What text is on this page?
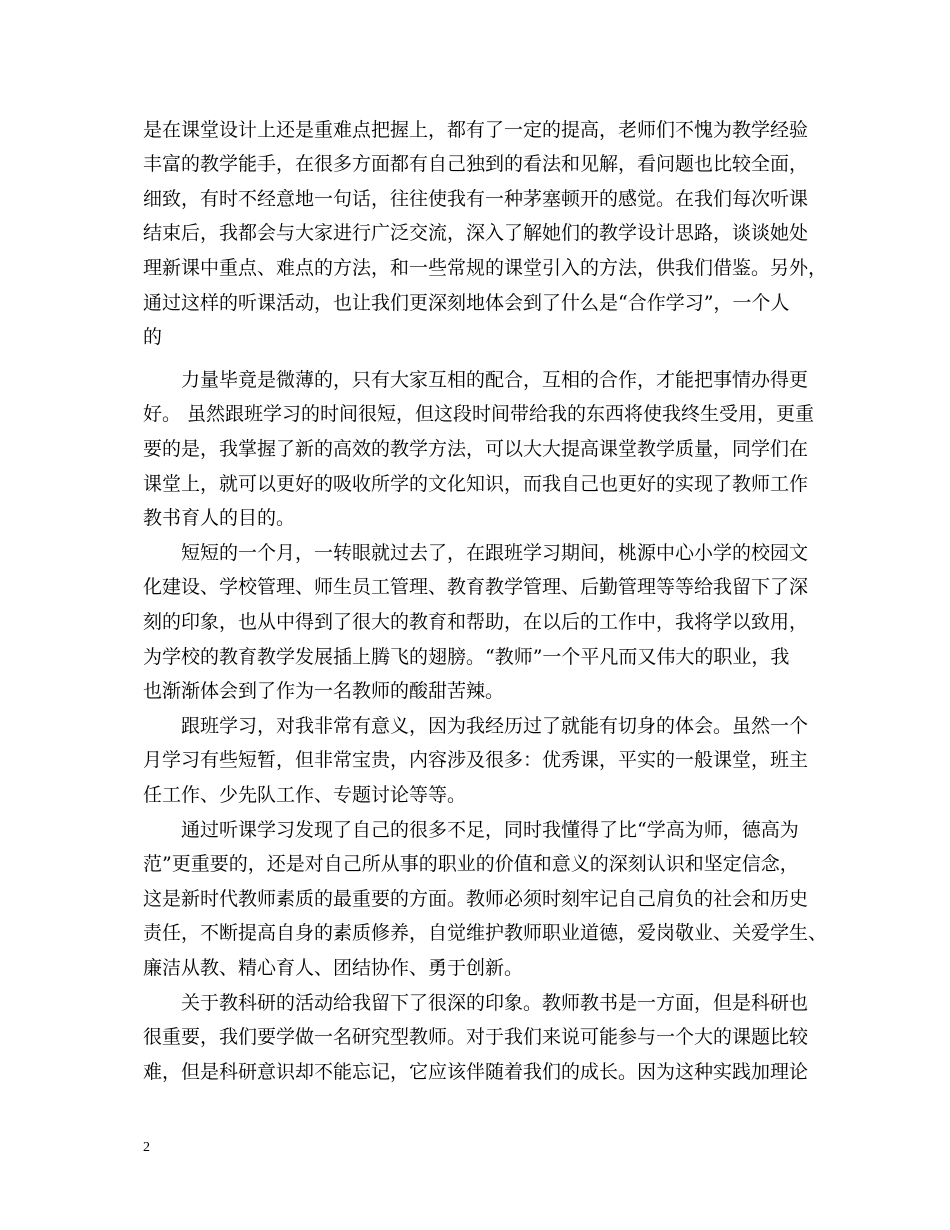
是在课堂设计上还是重难点把握上，都有了一定的提高，老师们不愧为教学经验
丰富的教学能手，在很多方面都有自己独到的看法和见解，看问题也比较全面，
细致，有时不经意地一句话，往往使我有一种茅塞顿开的感觉。在我们每次听课
结束后，我都会与大家进行广泛交流，深入了解她们的教学设计思路，谈谈她处
理新课中重点、难点的方法，和一些常规的课堂引入的方法，供我们借鉴。另外，
通过这样的听课活动，也让我们更深刻地体会到了什么是“合作学习”，一个人
的
力量毕竟是微薄的，只有大家互相的配合，互相的合作，才能把事情办得更
好。 虽然跟班学习的时间很短，但这段时间带给我的东西将使我终生受用，更重
要的是，我掌握了新的高效的教学方法，可以大大提高课堂教学质量，同学们在
课堂上，就可以更好的吸收所学的文化知识，而我自己也更好的实现了教师工作
教书育人的目的。
短短的一个月，一转眼就过去了，在跟班学习期间，桃源中心小学的校园文
化建设、学校管理、师生员工管理、教育教学管理、后勤管理等等给我留下了深
刻的印象，也从中得到了很大的教育和帮助，在以后的工作中，我将学以致用，
为学校的教育教学发展插上腾飞的翅膀。“教师”一个平凡而又伟大的职业，我
也渐渐体会到了作为一名教师的酸甜苦辣。
跟班学习，对我非常有意义，因为我经历过了就能有切身的体会。虽然一个
月学习有些短暂，但非常宝贵，内容涉及很多：优秀课，平实的一般课堂，班主
任工作、少先队工作、专题讨论等等。
通过听课学习发现了自己的很多不足，同时我懂得了比“学高为师，德高为
范”更重要的，还是对自己所从事的职业的价值和意义的深刻认识和坚定信念，
这是新时代教师素质的最重要的方面。教师必须时刻牢记自己肩负的社会和历史
责任，不断提高自身的素质修养，自觉维护教师职业道德，爱岗敬业、关爱学生、
廉洁从教、精心育人、团结协作、勇于创新。
关于教科研的活动给我留下了很深的印象。教师教书是一方面，但是科研也
很重要，我们要学做一名研究型教师。对于我们来说可能参与一个大的课题比较
难，但是科研意识却不能忘记，它应该伴随着我们的成长。因为这种实践加理论
2
